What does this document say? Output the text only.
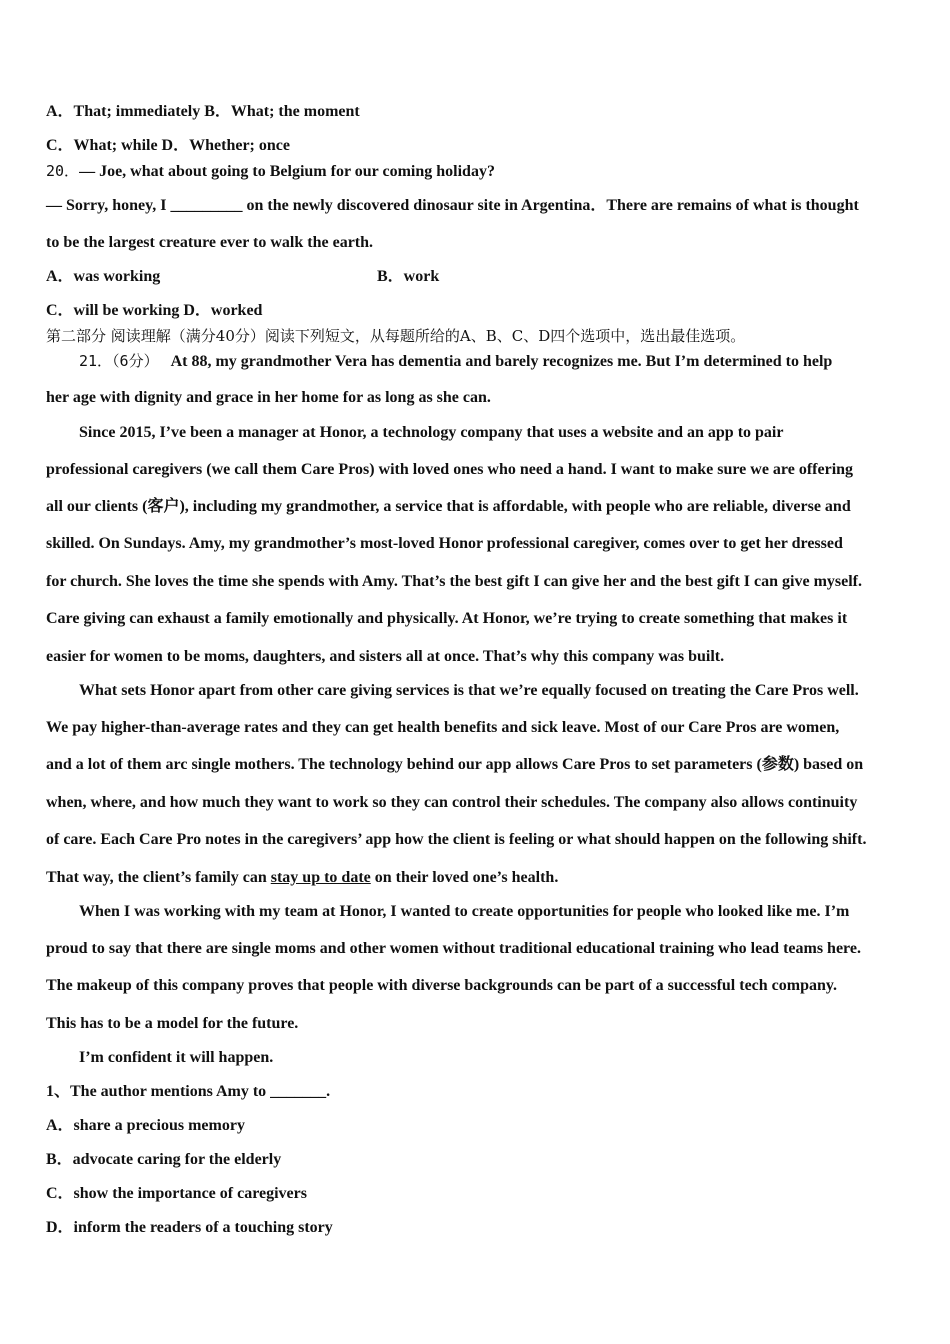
A．That; immediately B．What; the moment
C．What; while D．Whether; once
20．— Joe, what about going to Belgium for our coming holiday?
— Sorry, honey, I _________ on the newly discovered dinosaur site in Argentina．There are remains of what is thought
to be the largest creature ever to walk the earth.
A．was working	B．work
C．will be working D．worked
第二部分 阅读理解（满分40分）阅读下列短文，从每题所给的A、B、C、D四个选项中，选出最佳选项。
21．（6分） At 88, my grandmother Vera has dementia and barely recognizes me. But I’m determined to help
her age with dignity and grace in her home for as long as she can.
Since 2015, I’ve been a manager at Honor, a technology company that uses a website and an app to pair
professional caregivers (we call them Care Pros) with loved ones who need a hand. I want to make sure we are offering
all our clients (客户), including my grandmother, a service that is affordable, with people who are reliable, diverse and
skilled. On Sundays. Amy, my grandmother’s most-loved Honor professional caregiver, comes over to get her dressed
for church. She loves the time she spends with Amy. That’s the best gift I can give her and the best gift I can give myself.
Care giving can exhaust a family emotionally and physically. At Honor, we’re trying to create something that makes it
easier for women to be moms, daughters, and sisters all at once. That’s why this company was built.
What sets Honor apart from other care giving services is that we’re equally focused on treating the Care Pros well.
We pay higher-than-average rates and they can get health benefits and sick leave. Most of our Care Pros are women,
and a lot of them arc single mothers. The technology behind our app allows Care Pros to set parameters (参数) based on
when, where, and how much they want to work so they can control their schedules. The company also allows continuity
of care. Each Care Pro notes in the caregivers’ app how the client is feeling or what should happen on the following shift.
That way, the client’s family can stay up to date on their loved one’s health.
When I was working with my team at Honor, I wanted to create opportunities for people who looked like me. I’m
proud to say that there are single moms and other women without traditional educational training who lead teams here.
The makeup of this company proves that people with diverse backgrounds can be part of a successful tech company.
This has to be a model for the future.
I’m confident it will happen.
1、The author mentions Amy to _______.
A．share a precious memory
B．advocate caring for the elderly
C．show the importance of caregivers
D．inform the readers of a touching story
